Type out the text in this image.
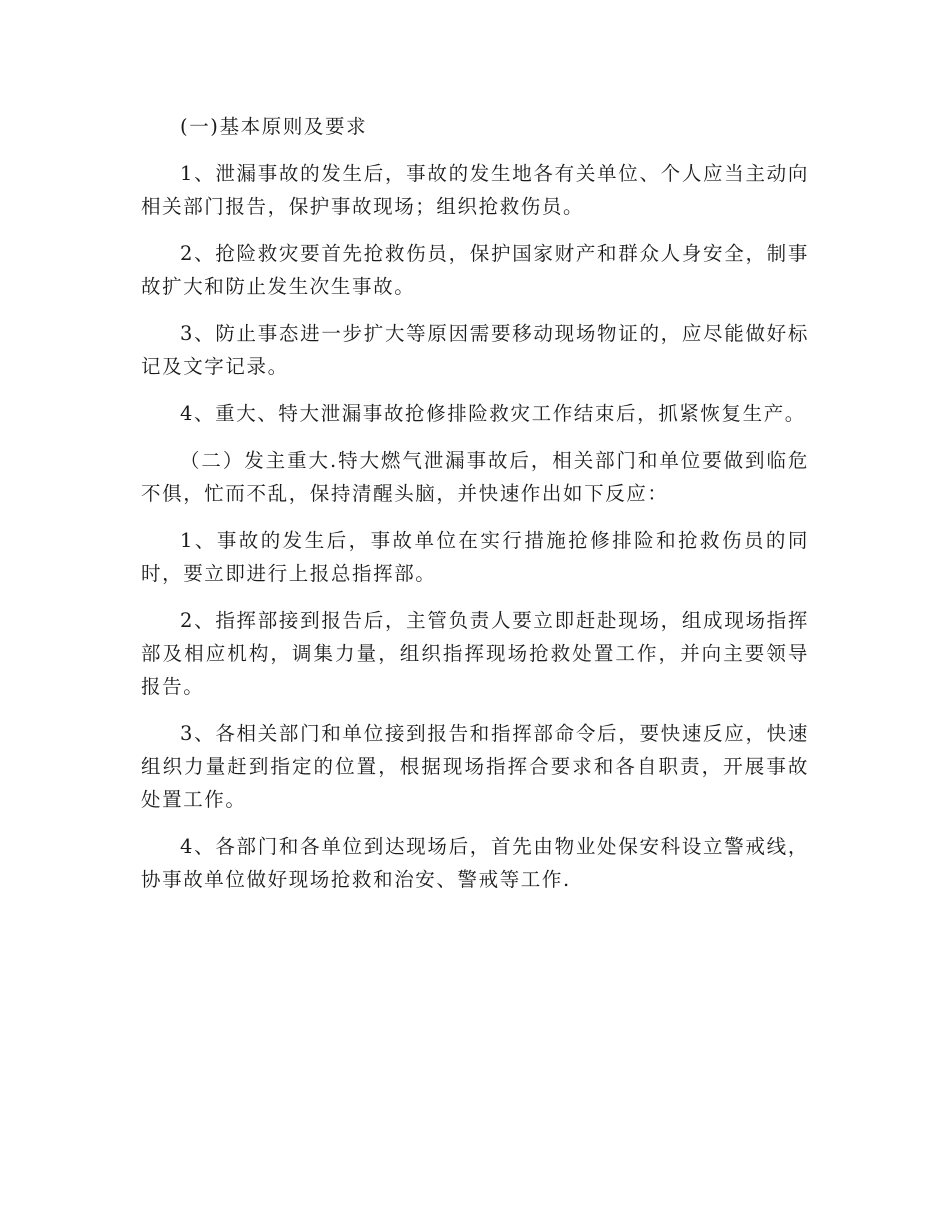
(一)基本原则及要求

1、泄漏事故的发生后，事故的发生地各有关单位、个人应当主动向相关部门报告，保护事故现场；组织抢救伤员。

2、抢险救灾要首先抢救伤员，保护国家财产和群众人身安全，制事故扩大和防止发生次生事故。

3、防止事态进一步扩大等原因需要移动现场物证的，应尽能做好标记及文字记录。

4、重大、特大泄漏事故抢修排险救灾工作结束后，抓紧恢复生产。

（二）发主重大.特大燃气泄漏事故后，相关部门和单位要做到临危不俱，忙而不乱，保持清醒头脑，并快速作出如下反应：

1、事故的发生后，事故单位在实行措施抢修排险和抢救伤员的同时，要立即进行上报总指挥部。

2、指挥部接到报告后，主管负责人要立即赶赴现场，组成现场指挥部及相应机构，调集力量，组织指挥现场抢救处置工作，并向主要领导报告。

3、各相关部门和单位接到报告和指挥部命令后，要快速反应，快速组织力量赶到指定的位置，根据现场指挥合要求和各自职责，开展事故处置工作。

4、各部门和各单位到达现场后，首先由物业处保安科设立警戒线，协事故单位做好现场抢救和治安、警戒等工作.
